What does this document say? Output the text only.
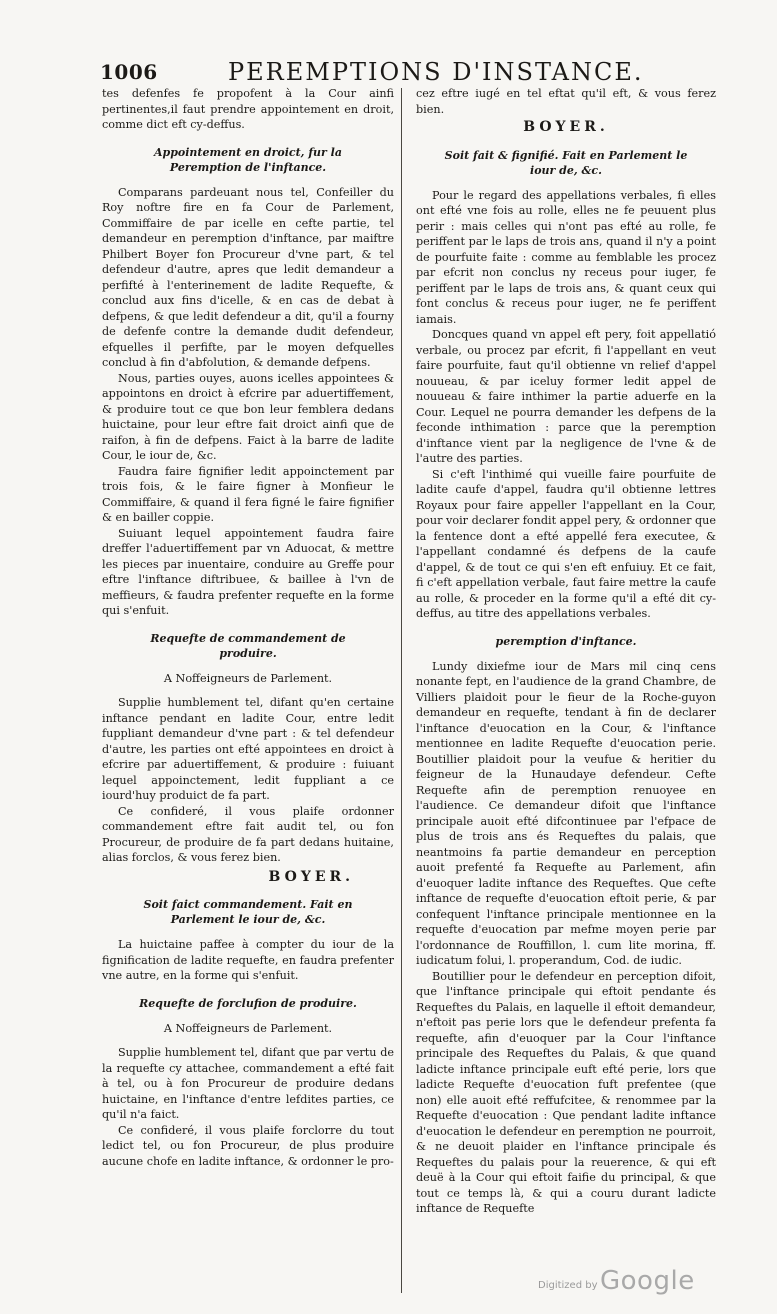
1006	PEREMPTIONS D'INSTANCE.

tes defenfes fe propofent à la Cour ainfi pertinentes,il faut prendre appointement en droit, comme dict eft cy-deffus.

Appointement en droict, fur la Peremption de l'inftance.

Comparans pardeuant nous tel, Confeiller du Roy noftre fire en fa Cour de Parlement, Commiffaire de par icelle en cefte partie, tel demandeur en peremption d'inftance, par maiftre Philbert Boyer fon Procureur d'vne part, & tel defendeur d'autre, apres que ledit demandeur a perfifté à l'enterinement de ladite Requefte, & conclud aux fins d'icelle, & en cas de debat à defpens, & que ledit defendeur a dit, qu'il a fourny de defenfe contre la demande dudit defendeur, efquelles il perfifte, par le moyen defquelles conclud à fin d'abfolution, & demande defpens.

Nous, parties ouyes, auons icelles appointees & appointons en droict à efcrire par aduertiffement, & produire tout ce que bon leur femblera dedans huictaine, pour leur eftre fait droict ainfi que de raifon, à fin de defpens. Faict à la barre de ladite Cour, le iour de, &c.

Faudra faire fignifier ledit appoinctement par trois fois, & le faire figner à Monfieur le Commiffaire, & quand il fera figné le faire fignifier & en bailler coppie.

Suiuant lequel appointement faudra faire dreffer l'aduertiffement par vn Aduocat, & mettre les pieces par inuentaire, conduire au Greffe pour eftre l'inftance diftribuee, & baillee à l'vn de meffieurs, & faudra prefenter requefte en la forme qui s'enfuit.

Requefte de commandement de produire.
A Noffeigneurs de Parlement.

Supplie humblement tel, difant qu'en certaine inftance pendant en ladite Cour, entre ledit fuppliant demandeur d'vne part : & tel defendeur d'autre, les parties ont efté appointees en droict à efcrire par aduertiffement, & produire : fuiuant lequel appoinctement, ledit fuppliant a ce iourd'huy produict de fa part.

Ce confideré, il vous plaife ordonner commandement eftre fait audit tel, ou fon Procureur, de produire de fa part dedans huitaine, alias forclos, & vous ferez bien.

BOYER.
Soit faict commandement. Fait en Parlement le iour de, &c.

La huictaine paffee à compter du iour de la fignification de ladite requefte, en faudra prefenter vne autre, en la forme qui s'enfuit.

Requefte de forclufion de produire.
A Noffeigneurs de Parlement.

Supplie humblement tel, difant que par vertu de la requefte cy attachee, commandement a efté fait à tel, ou à fon Procureur de produire dedans huictaine, en l'inftance d'entre lefdites parties, ce qu'il n'a faict.

Ce confideré, il vous plaife forclorre du tout ledict tel, ou fon Procureur, de plus produire aucune chofe en ladite inftance, & ordonner le pro-

cez eftre iugé en tel eftat qu'il eft, & vous ferez bien.

BOYER.
Soit fait & fignifié. Fait en Parlement le iour de, &c.

Pour le regard des appellations verbales, fi elles ont efté vne fois au rolle, elles ne fe peuuent plus perir : mais celles qui n'ont pas efté au rolle, fe periffent par le laps de trois ans, quand il n'y a point de pourfuite faite : comme au femblable les procez par efcrit non conclus ny receus pour iuger, fe periffent par le laps de trois ans, & quant ceux qui font conclus & receus pour iuger, ne fe periffent iamais.

Doncques quand vn appel eft pery, foit appellatió verbale, ou procez par efcrit, fi l'appellant en veut faire pourfuite, faut qu'il obtienne vn relief d'appel nouueau, & par iceluy former ledit appel de nouueau & faire inthimer la partie aduerfe en la Cour. Lequel ne pourra demander les defpens de la feconde inthimation : parce que la peremption d'inftance vient par la negligence de l'vne & de l'autre des parties.

Si c'eft l'inthimé qui vueille faire pourfuite de ladite caufe d'appel, faudra qu'il obtienne lettres Royaux pour faire appeller l'appellant en la Cour, pour voir declarer fondit appel pery, & ordonner que la fentence dont a efté appellé fera executee, & l'appellant condamné és defpens de la caufe d'appel, & de tout ce qui s'en eft enfuiuy. Et ce fait, fi c'eft appellation verbale, faut faire mettre la caufe au rolle, & proceder en la forme qu'il a efté dit cy-deffus, au titre des appellations verbales.

peremption d'inftance.

Lundy dixiefme iour de Mars mil cinq cens nonante fept, en l'audience de la grand Chambre, de Villiers plaidoit pour le fieur de la Roche-guyon demandeur en requefte, tendant à fin de declarer l'inftance d'euocation en la Cour, & l'inftance mentionnee en ladite Requefte d'euocation perie. Boutillier plaidoit pour la veufue & heritier du feigneur de la Hunaudaye defendeur. Cefte Requefte afin de peremption renuoyee en l'audience. Ce demandeur difoit que l'inftance principale auoit efté difcontinuee par l'efpace de plus de trois ans és Requeftes du palais, que neantmoins fa partie demandeur en perception auoit prefenté fa Requefte au Parlement, afin d'euoquer ladite inftance des Requeftes. Que cefte inftance de requefte d'euocation eftoit perie, & par confequent l'inftance principale mentionnee en la requefte d'euocation par mefme moyen perie par l'ordonnance de Rouffillon, l. cum lite morina, ff. iudicatum folui, l. properandum, Cod. de iudic.

Boutillier pour le defendeur en perception difoit, que l'inftance principale qui eftoit pendante és Requeftes du Palais, en laquelle il eftoit demandeur, n'eftoit pas perie lors que le defendeur prefenta fa requefte, afin d'euoquer par la Cour l'inftance principale des Requeftes du Palais, & que quand ladicte inftance principale euft efté perie, lors que ladicte Requefte d'euocation fuft prefentee (que non) elle auoit efté reffufcitee, & renommee par la Requefte d'euocation : Que pendant ladite inftance d'euocation le defendeur en peremption ne pourroit, & ne deuoit plaider en l'inftance principale és Requeftes du palais pour la reuerence, & qui eft deuë à la Cour qui eftoit faifie du principal, & que tout ce temps là, & qui a couru durant ladicte inftance de Requefte

Digitized by Google
